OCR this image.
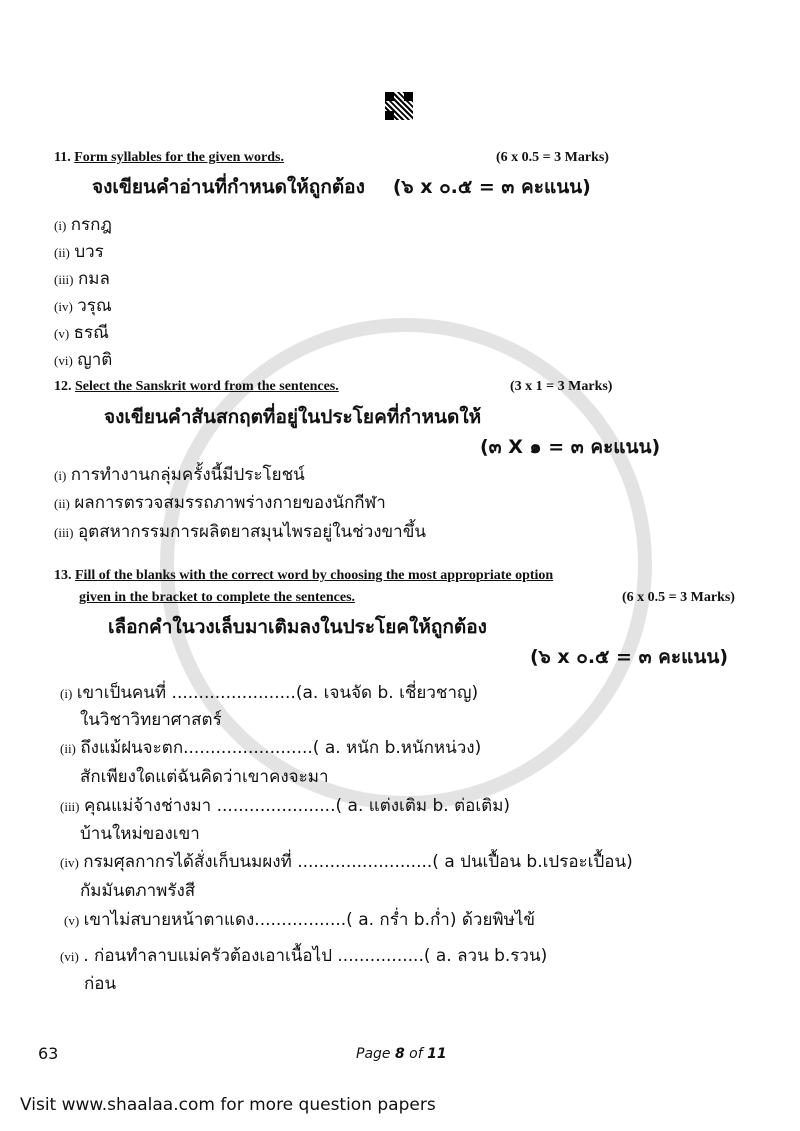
11. Form syllables for the given words.	(6 x 0.5 = 3 Marks)
จงเขียนคำอ่านที่กำหนดให้ถูกต้อง (๖ x ๐.๕ = ๓ คะแนน)
(i) กรกฎ
(ii) บวร
(iii) กมล
(iv) วรุณ
(v) ธรณี
(vi) ญาติ
12. Select the Sanskrit word from the sentences.	(3 x 1 = 3 Marks)
จงเขียนคำสันสกฤตที่อยู่ในประโยคที่กำหนดให้
(๓ X ๑ = ๓ คะแนน)
(i) การทำงานกลุ่มครั้งนี้มีประโยชน์
(ii) ผลการตรวจสมรรถภาพร่างกายของนักกีฬา
(iii) อุตสหากรรมการผลิตยาสมุนไพรอยู่ในช่วงขาขึ้น
13. Fill of the blanks with the correct word by choosing the most appropriate option
given in the bracket to complete the sentences.	(6 x 0.5 = 3 Marks)
เลือกคำในวงเล็บมาเติมลงในประโยคให้ถูกต้อง
(๖ x ๐.๕ = ๓ คะแนน)
(i) เขาเป็นคนที่ .......................(a. เจนจัด b. เชี่ยวชาญ)
ในวิชาวิทยาศาสตร์
(ii) ถึงแม้ฝนจะตก........................( a. หนัก b.หนักหน่วง)
สักเพียงใดแต่ฉันคิดว่าเขาคงจะมา
(iii) คุณแม่จ้างช่างมา ......................( a. แต่งเติม b. ต่อเติม)
บ้านใหม่ของเขา
(iv) กรมศุลกากรได้สั่งเก็บนมผงที่ .........................( a ปนเปื้อน b.เปรอะเปื้อน)
กัมมันตภาพรังสี
(v) เขาไม่สบายหน้าตาแดง.................( a. กร่ำ b.ก่ำ) ด้วยพิษไข้
(vi) . ก่อนทำลาบแม่ครัวต้องเอาเนื้อไป ................( a. ลวน b.รวน)
ก่อน
63	Page 8 of 11
Visit www.shaalaa.com for more question papers
